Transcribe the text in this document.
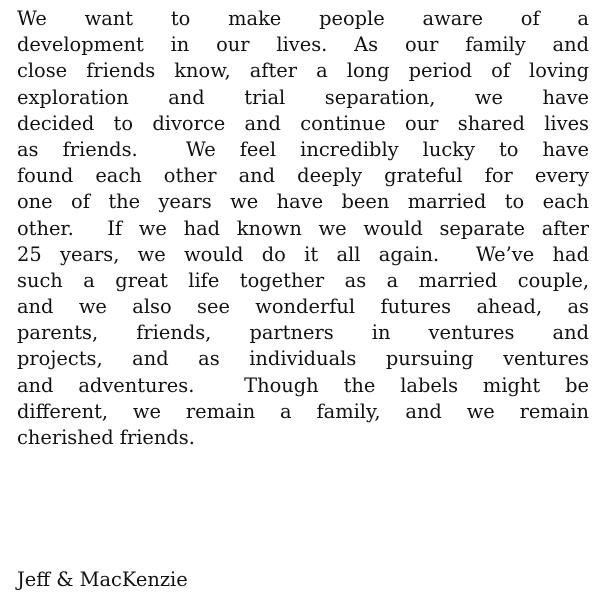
We want to make people aware of a
development in our lives. As our family and
close friends know, after a long period of loving
exploration and trial separation, we have
decided to divorce and continue our shared lives
as friends.  We feel incredibly lucky to have
found each other and deeply grateful for every
one of the years we have been married to each
other.  If we had known we would separate after
25 years, we would do it all again.  We’ve had
such a great life together as a married couple,
and we also see wonderful futures ahead, as
parents, friends, partners in ventures and
projects, and as individuals pursuing ventures
and adventures.  Though the labels might be
different, we remain a family, and we remain
cherished friends.
Jeff & MacKenzie
